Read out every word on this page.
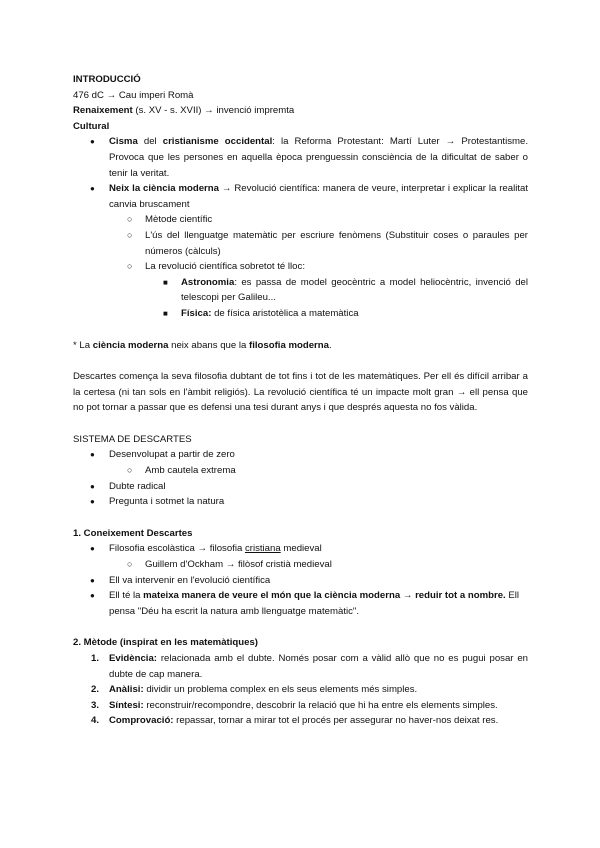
INTRODUCCIÓ

476 dC → Cau imperi Romà

Renaixement (s. XV - s. XVII) → invenció impremta

Cultural

● Cisma del cristianisme occidental: la Reforma Protestant: Martí Luter → Protestantisme. Provoca que les persones en aquella època prenguessin consciència de la dificultat de saber o tenir la veritat.
● Neix la ciència moderna → Revolució científica: manera de veure, interpretar i explicar la realitat canvia bruscament
○ Mètode científic
○ L'ús del llenguatge matemàtic per escriure fenòmens (Substituir coses o paraules per números (càlculs)
○ La revolució científica sobretot té lloc:
■ Astronomia: es passa de model geocèntric a model heliocèntric, invenció del telescopi per Galileu...
■ Física: de física aristotèlica a matemàtica

* La ciència moderna neix abans que la filosofia moderna.

Descartes comença la seva filosofia dubtant de tot fins i tot de les matemàtiques. Per ell és difícil arribar a la certesa (ni tan sols en l'àmbit religiós). La revolució científica té un impacte molt gran → ell pensa que no pot tornar a passar que es defensi una tesi durant anys i que després aquesta no fos vàlida.

SISTEMA DE DESCARTES

● Desenvolupat a partir de zero
○ Amb cautela extrema
● Dubte radical
● Pregunta i sotmet la natura

1. Coneixement Descartes

● Filosofia escolàstica → filosofia cristiana medieval
○ Guillem d'Ockham → filòsof cristià medieval
● Ell va intervenir en l'evolució científica
● Ell té la mateixa manera de veure el món que la ciència moderna → reduir tot a nombre. Ell pensa "Déu ha escrit la natura amb llenguatge matemàtic".

2. Mètode (inspirat en les matemàtiques)

1. Evidència: relacionada amb el dubte. Només posar com a vàlid allò que no es pugui posar en dubte de cap manera.
2. Anàlisi: dividir un problema complex en els seus elements més simples.
3. Síntesi: reconstruir/recompondre, descobrir la relació que hi ha entre els elements simples.
4. Comprovació: repassar, tornar a mirar tot el procés per assegurar no haver-nos deixat res.
